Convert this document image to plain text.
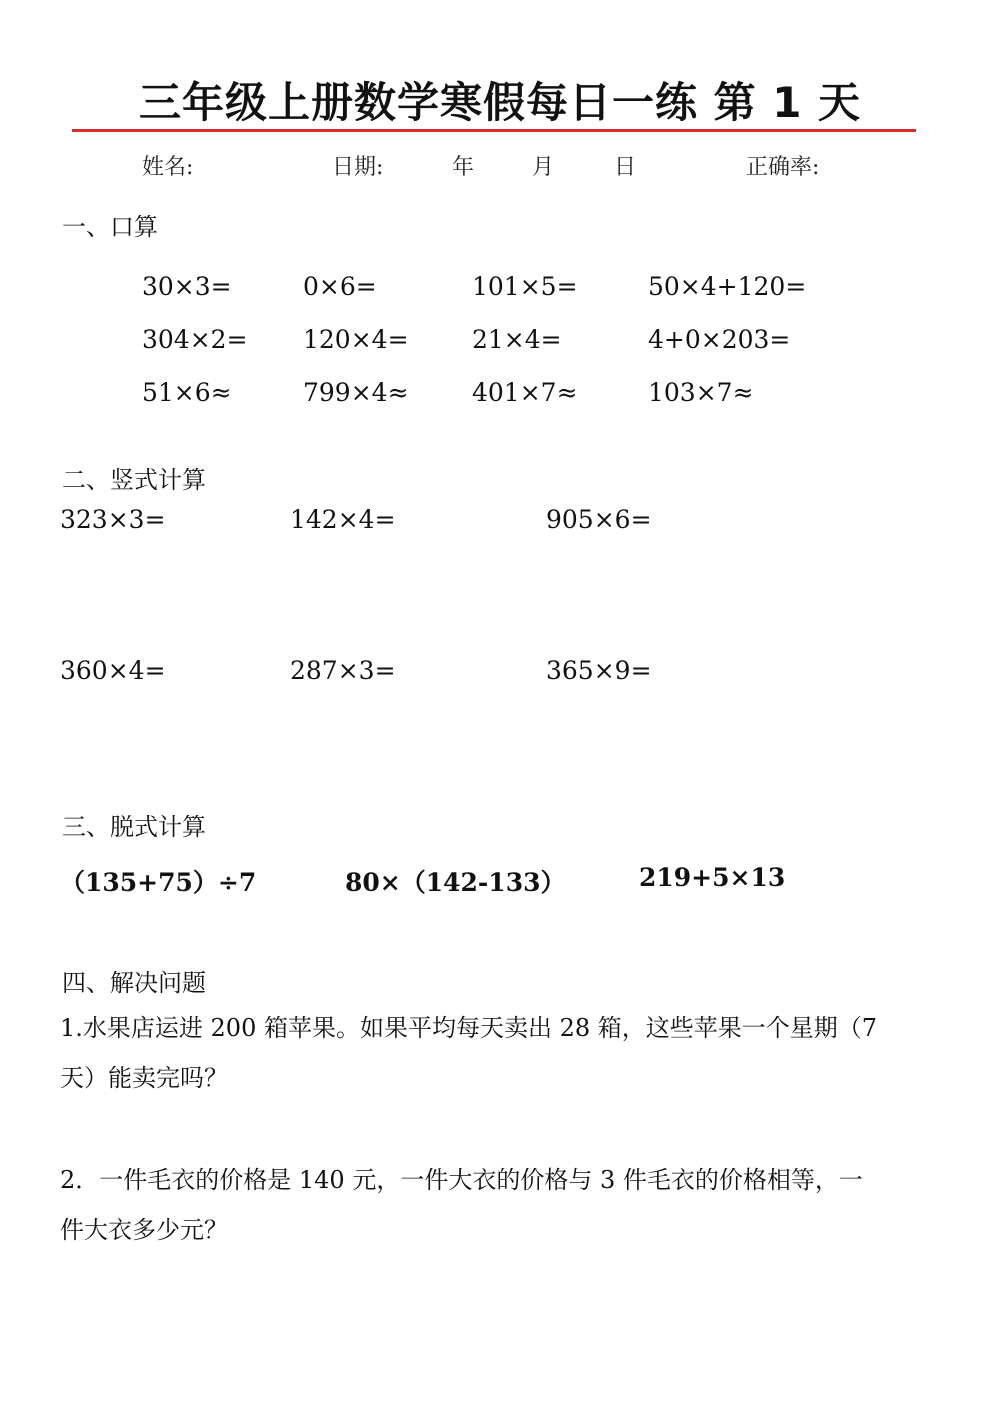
三年级上册数学寒假每日一练 第 1 天
姓名:	日期:	年	月	日	正确率:
一、口算
30×3=	0×6=	101×5=	50×4+120=
304×2= 120×4=	21×4=	4+0×203=
51×6≈	799×4≈	401×7≈	103×7≈
二、竖式计算
323×3=	142×4=	905×6=
360×4=	287×3=	365×9=
三、脱式计算
（135+75）÷7	80×（142-133）	219+5×13
四、解决问题
1.水果店运进 200 箱苹果。如果平均每天卖出 28 箱，这些苹果一个星期（7
天）能卖完吗？
2．一件毛衣的价格是 140 元，一件大衣的价格与 3 件毛衣的价格相等，一
件大衣多少元？
